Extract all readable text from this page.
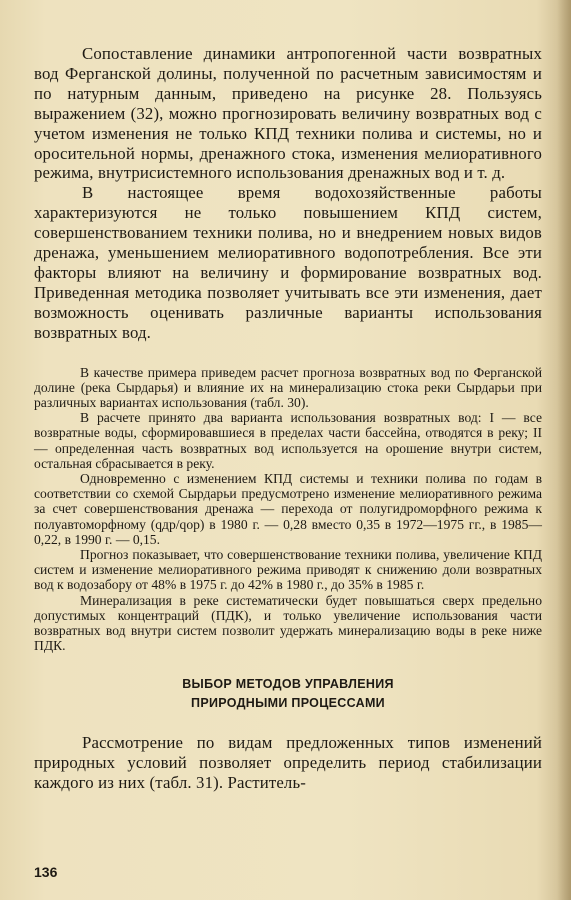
Сопоставление динамики антропогенной части возвратных вод Ферганской долины, полученной по расчетным зависимостям и по натурным данным, приведено на рисунке 28. Пользуясь выражением (32), можно прогнозировать величину возвратных вод с учетом изменения не только КПД техники полива и системы, но и оросительной нормы, дренажного стока, изменения мелиоративного режима, внутрисистемного использования дренажных вод и т. д.

В настоящее время водохозяйственные работы характеризуются не только повышением КПД систем, совершенствованием техники полива, но и внедрением новых видов дренажа, уменьшением мелиоративного водопотребления. Все эти факторы влияют на величину и формирование возвратных вод. Приведенная методика позволяет учитывать все эти изменения, дает возможность оценивать различные варианты использования возвратных вод.

В качестве примера приведем расчет прогноза возвратных вод по Ферганской долине (река Сырдарья) и влияние их на минерализацию стока реки Сырдарьи при различных вариантах использования (табл. 30).

В расчете принято два варианта использования возвратных вод: I — все возвратные воды, сформировавшиеся в пределах части бассейна, отводятся в реку; II — определенная часть возвратных вод используется на орошение внутри систем, остальная сбрасывается в реку.

Одновременно с изменением КПД системы и техники полива по годам в соответствии со схемой Сырдарьи предусмотрено изменение мелиоративного режима за счет совершенствования дренажа — перехода от полугидроморфного режима к полуавтоморфному (qдр/qор) в 1980 г. — 0,28 вместо 0,35 в 1972—1975 гг., в 1985—0,22, в 1990 г. — 0,15.

Прогноз показывает, что совершенствование техники полива, увеличение КПД систем и изменение мелиоративного режима приводят к снижению доли возвратных вод к водозабору от 48% в 1975 г. до 42% в 1980 г., до 35% в 1985 г.

Минерализация в реке систематически будет повышаться сверх предельно допустимых концентраций (ПДК), и только увеличение использования части возвратных вод внутри систем позволит удержать минерализацию воды в реке ниже ПДК.

ВЫБОР МЕТОДОВ УПРАВЛЕНИЯ
ПРИРОДНЫМИ ПРОЦЕССАМИ

Рассмотрение по видам предложенных типов изменений природных условий позволяет определить период стабилизации каждого из них (табл. 31). Раститель-

136
